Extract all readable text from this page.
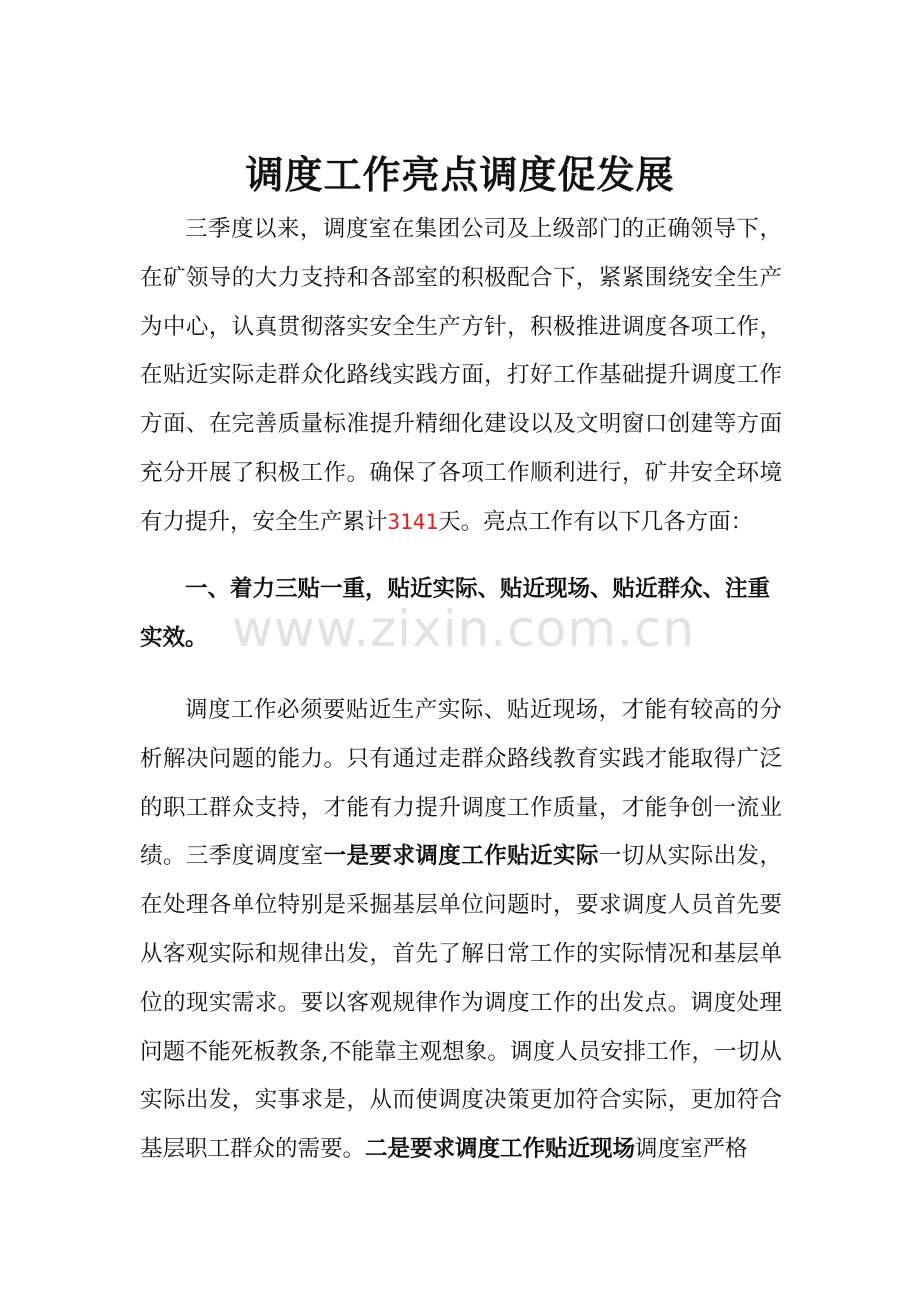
调度工作亮点调度促发展

三季度以来，调度室在集团公司及上级部门的正确领导下，在矿领导的大力支持和各部室的积极配合下，紧紧围绕安全生产为中心，认真贯彻落实安全生产方针，积极推进调度各项工作，在贴近实际走群众化路线实践方面，打好工作基础提升调度工作方面、在完善质量标准提升精细化建设以及文明窗口创建等方面充分开展了积极工作。确保了各项工作顺利进行，矿井安全环境有力提升，安全生产累计3141天。亮点工作有以下几各方面：

一、着力三贴一重，贴近实际、贴近现场、贴近群众、注重实效。 www.zixin.com.cn

调度工作必须要贴近生产实际、贴近现场，才能有较高的分析解决问题的能力。只有通过走群众路线教育实践才能取得广泛的职工群众支持，才能有力提升调度工作质量，才能争创一流业绩。三季度调度室一是要求调度工作贴近实际一切从实际出发，在处理各单位特别是采掘基层单位问题时，要求调度人员首先要从客观实际和规律出发，首先了解日常工作的实际情况和基层单位的现实需求。要以客观规律作为调度工作的出发点。调度处理问题不能死板教条,不能靠主观想象。调度人员安排工作，一切从实际出发，实事求是，从而使调度决策更加符合实际，更加符合基层职工群众的需要。二是要求调度工作贴近现场调度室严格
